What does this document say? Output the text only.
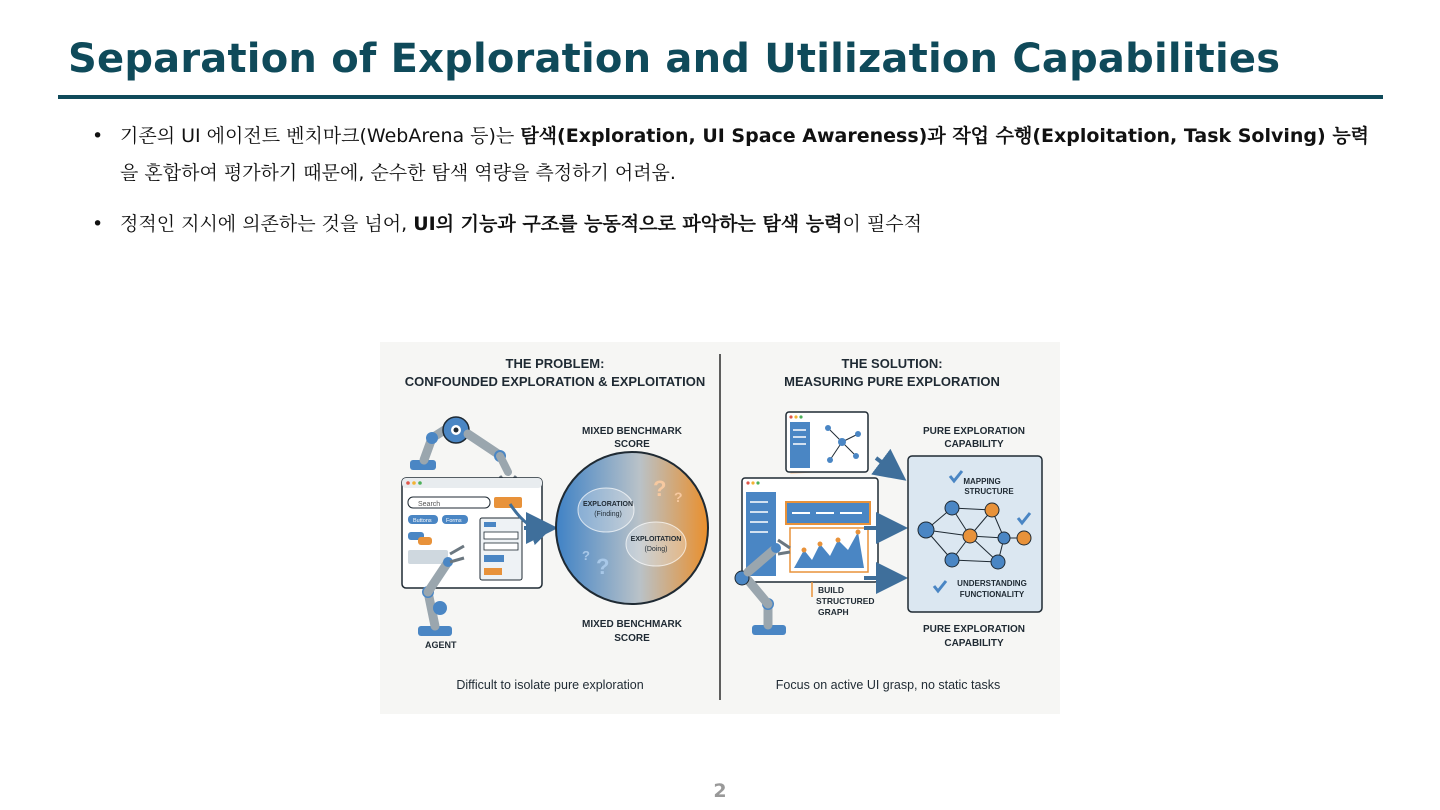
Separation of Exploration and Utilization Capabilities
• 기존의 UI 에이전트 벤치마크(WebArena 등)는 탐색(Exploration, UI Space Awareness)과 작업 수행(Exploitation, Task Solving) 능력을 혼합하여 평가하기 때문에, 순수한 탐색 역량을 측정하기 어려움.
• 정적인 지시에 의존하는 것을 넘어, UI의 기능과 구조를 능동적으로 파악하는 탐색 능력이 필수적
THE PROBLEM:
CONFOUNDED EXPLORATION & EXPLOITATION
Search
Buttons	Forms
AGENT
MIXED BENCHMARK
SCORE
EXPLORATION
(Finding)
EXPLOITATION
(Doing)
? ?
?
?
MIXED BENCHMARK
SCORE
Difficult to isolate pure exploration
THE SOLUTION:
MEASURING PURE EXPLORATION
BUILD
STRUCTURED
GRAPH
PURE EXPLORATION
CAPABILITY
MAPPING
STRUCTURE
UNDERSTANDING
FUNCTIONALITY
PURE EXPLORATION
CAPABILITY
Focus on active UI grasp, no static tasks
2
